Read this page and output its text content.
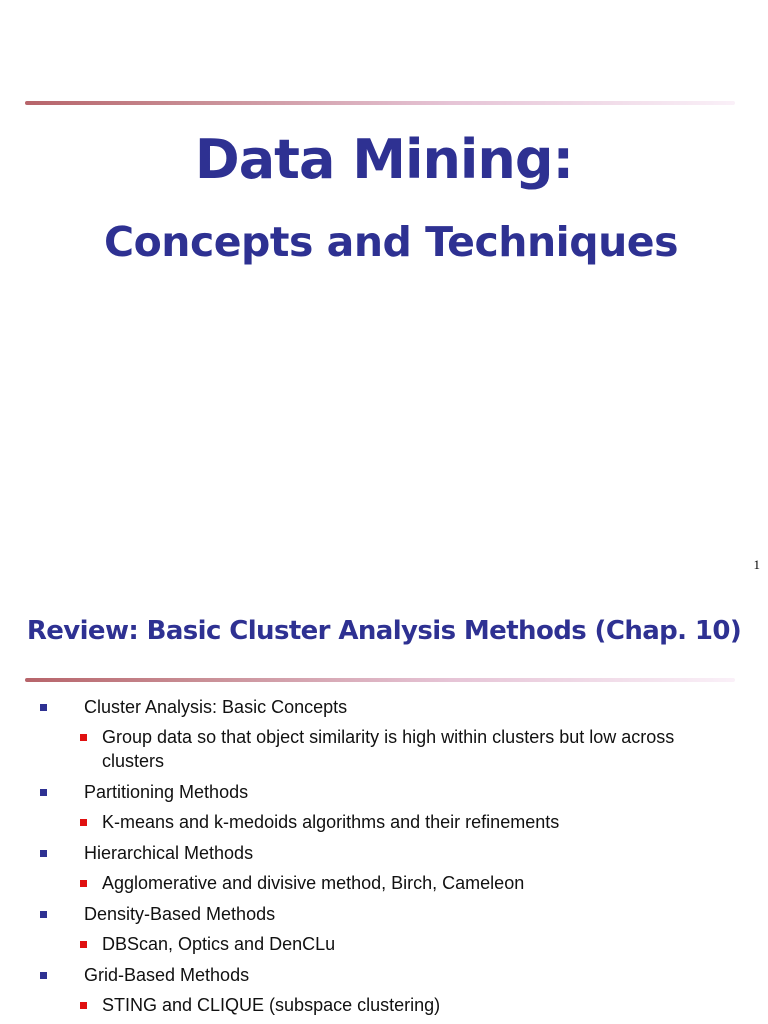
Data Mining:
Concepts and Techniques
1
Review: Basic Cluster Analysis Methods (Chap. 10)
Cluster Analysis: Basic Concepts
Group data so that object similarity is high within clusters but low across clusters
Partitioning Methods
K-means and k-medoids algorithms and their refinements
Hierarchical Methods
Agglomerative and divisive method, Birch, Cameleon
Density-Based Methods
DBScan, Optics and DenCLu
Grid-Based Methods
STING and CLIQUE (subspace clustering)
